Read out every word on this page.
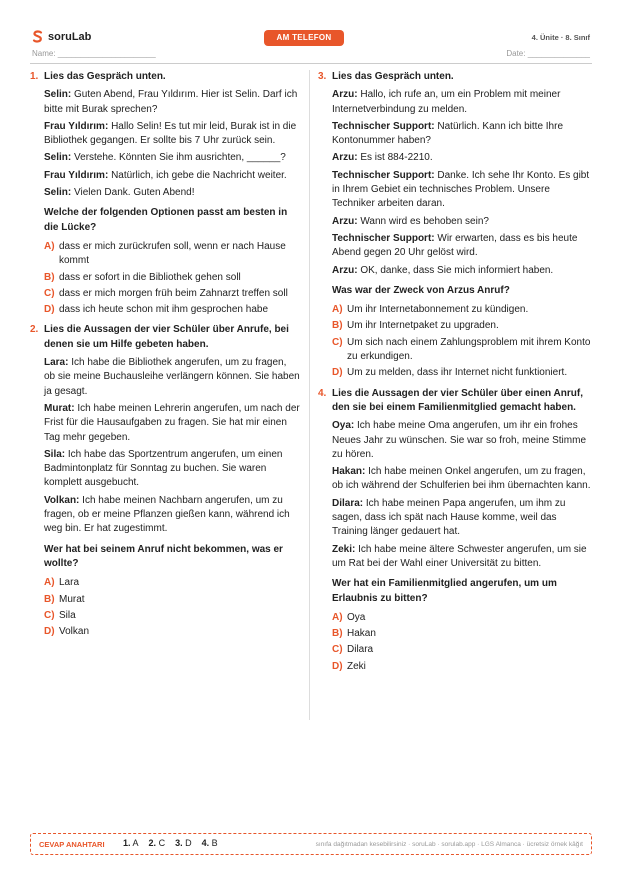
soruLab	AM TELEFON	4. Ünite · 8. Sınıf
Name: ______________________	Date: ______________
1. Lies das Gespräch unten.

Selin: Guten Abend, Frau Yıldırım. Hier ist Selin. Darf ich bitte mit Burak sprechen?

Frau Yıldırım: Hallo Selin! Es tut mir leid, Burak ist in die Bibliothek gegangen. Er sollte bis 7 Uhr zurück sein.

Selin: Verstehe. Könnten Sie ihm ausrichten, ______?

Frau Yıldırım: Natürlich, ich gebe die Nachricht weiter.

Selin: Vielen Dank. Guten Abend!

Welche der folgenden Optionen passt am besten in die Lücke?
A) dass er mich zurückrufen soll, wenn er nach Hause kommt
B) dass er sofort in die Bibliothek gehen soll
C) dass er mich morgen früh beim Zahnarzt treffen soll
D) dass ich heute schon mit ihm gesprochen habe
2. Lies die Aussagen der vier Schüler über Anrufe, bei denen sie um Hilfe gebeten haben.

Lara: Ich habe die Bibliothek angerufen, um zu fragen, ob sie meine Buchausleihe verlängern können. Sie haben ja gesagt.

Murat: Ich habe meinen Lehrerin angerufen, um nach der Frist für die Hausaufgaben zu fragen. Sie hat mir einen Tag mehr gegeben.

Sila: Ich habe das Sportzentrum angerufen, um einen Badmintonplatz für Sonntag zu buchen. Sie waren komplett ausgebucht.

Volkan: Ich habe meinen Nachbarn angerufen, um zu fragen, ob er meine Pflanzen gießen kann, während ich weg bin. Er hat zugestimmt.

Wer hat bei seinem Anruf nicht bekommen, was er wollte?
A) Lara
B) Murat
C) Sila
D) Volkan
3. Lies das Gespräch unten.

Arzu: Hallo, ich rufe an, um ein Problem mit meiner Internetverbindung zu melden.

Technischer Support: Natürlich. Kann ich bitte Ihre Kontonummer haben?

Arzu: Es ist 884-2210.

Technischer Support: Danke. Ich sehe Ihr Konto. Es gibt in Ihrem Gebiet ein technisches Problem. Unsere Techniker arbeiten daran.

Arzu: Wann wird es behoben sein?

Technischer Support: Wir erwarten, dass es bis heute Abend gegen 20 Uhr gelöst wird.

Arzu: OK, danke, dass Sie mich informiert haben.

Was war der Zweck von Arzus Anruf?
A) Um ihr Internetabonnement zu kündigen.
B) Um ihr Internetpaket zu upgraden.
C) Um sich nach einem Zahlungsproblem mit ihrem Konto zu erkundigen.
D) Um zu melden, dass ihr Internet nicht funktioniert.
4. Lies die Aussagen der vier Schüler über einen Anruf, den sie bei einem Familienmitglied gemacht haben.

Oya: Ich habe meine Oma angerufen, um ihr ein frohes Neues Jahr zu wünschen. Sie war so froh, meine Stimme zu hören.

Hakan: Ich habe meinen Onkel angerufen, um zu fragen, ob ich während der Schulferien bei ihm übernachten kann.

Dilara: Ich habe meinen Papa angerufen, um ihm zu sagen, dass ich spät nach Hause komme, weil das Training länger gedauert hat.

Zeki: Ich habe meine ältere Schwester angerufen, um sie um Rat bei der Wahl einer Universität zu bitten.

Wer hat ein Familienmitglied angerufen, um um Erlaubnis zu bitten?
A) Oya
B) Hakan
C) Dilara
D) Zeki
CEVAP ANAHTARI 1. A 2. C 3. D 4. B	sınıfa dağıtmadan kesebilirsiniz · soruLab · sorulab.app · LGS Almanca · ücretsiz örnek kâğıt
